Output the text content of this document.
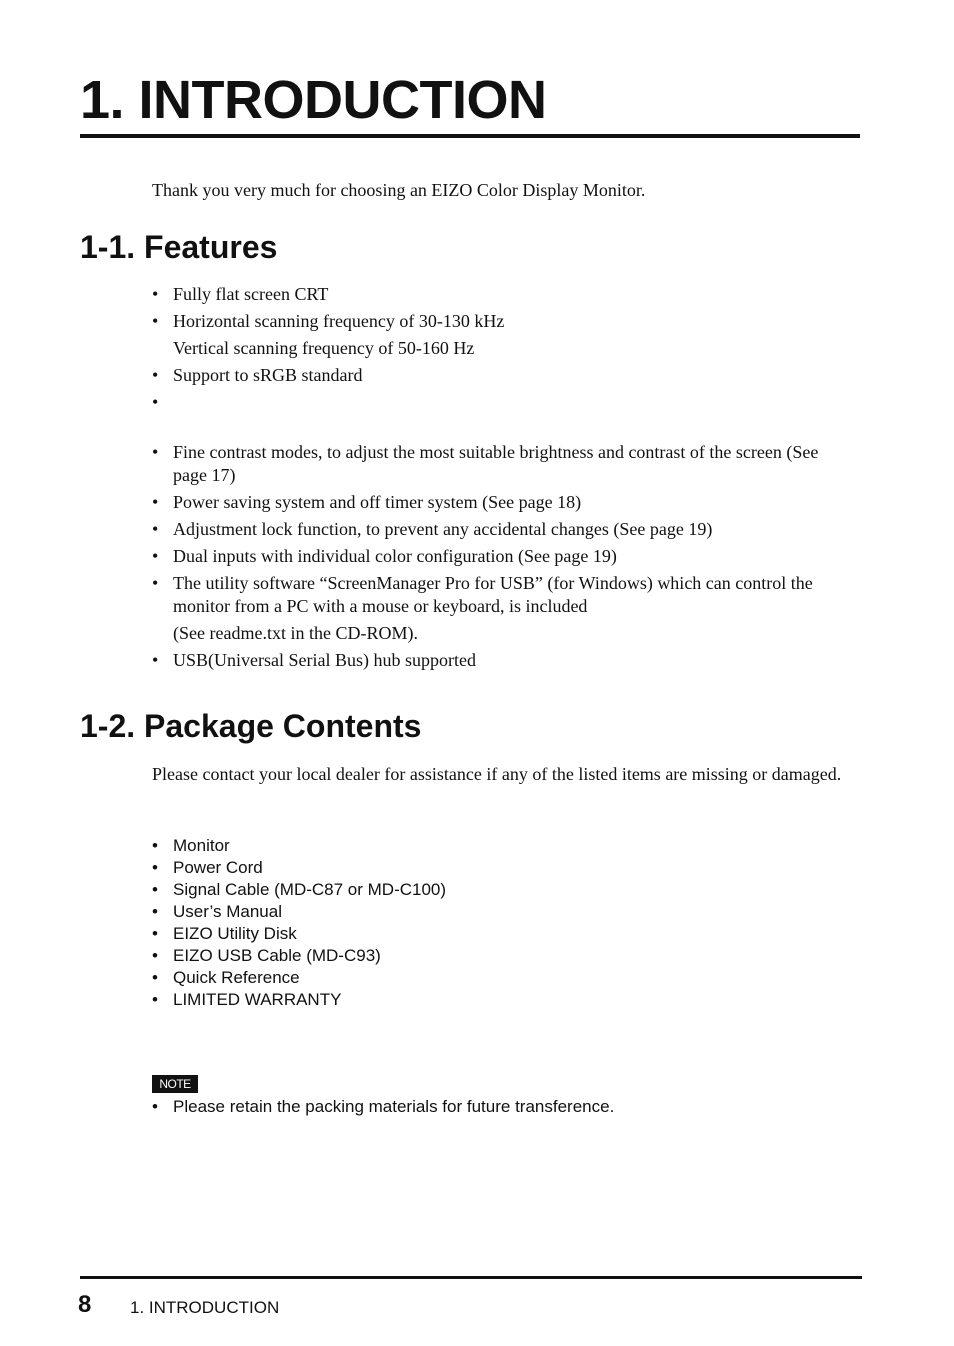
1. INTRODUCTION

Thank you very much for choosing an EIZO Color Display Monitor.

1-1. Features
• Fully flat screen CRT
• Horizontal scanning frequency of 30-130 kHz
Vertical scanning frequency of 50-160 Hz
• Support to sRGB standard
•
• Fine contrast modes, to adjust the most suitable brightness and contrast of the screen (See page 17)
• Power saving system and off timer system (See page 18)
• Adjustment lock function, to prevent any accidental changes (See page 19)
• Dual inputs with individual color configuration (See page 19)
• The utility software “ScreenManager Pro for USB” (for Windows) which can control the monitor from a PC with a mouse or keyboard, is included
(See readme.txt in the CD-ROM).
• USB(Universal Serial Bus) hub supported
1-2. Package Contents

Please contact your local dealer for assistance if any of the listed items are missing or damaged.

• Monitor
• Power Cord
• Signal Cable (MD-C87 or MD-C100)
• User’s Manual
• EIZO Utility Disk
• EIZO USB Cable (MD-C93)
• Quick Reference
• LIMITED WARRANTY
NOTE

• Please retain the packing materials for future transference.

8 1. INTRODUCTION
